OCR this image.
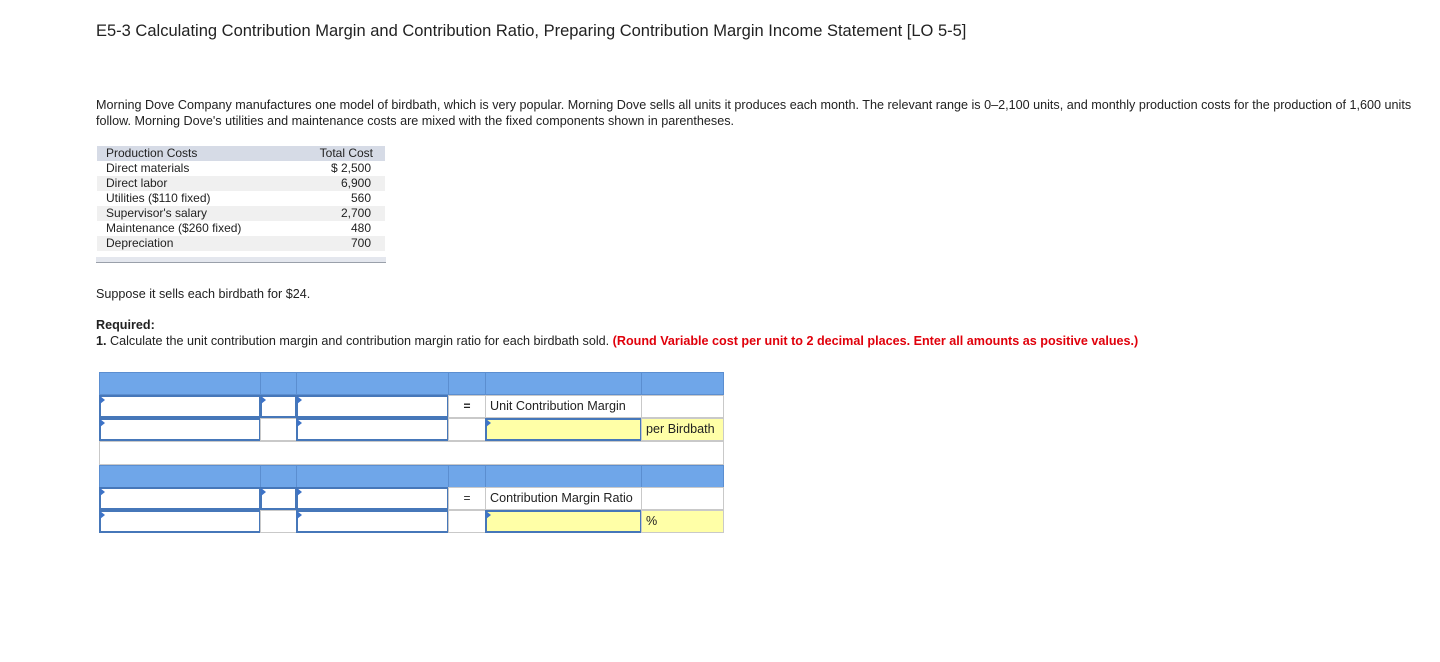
E5-3 Calculating Contribution Margin and Contribution Ratio, Preparing Contribution Margin Income Statement [LO 5-5]
Morning Dove Company manufactures one model of birdbath, which is very popular. Morning Dove sells all units it produces each month. The relevant range is 0–2,100 units, and monthly production costs for the production of 1,600 units follow. Morning Dove's utilities and maintenance costs are mixed with the fixed components shown in parentheses.
Production Costs	Total Cost
Direct materials	$ 2,500
Direct labor	6,900
Utilities ($110 fixed)	560
Supervisor's salary	2,700
Maintenance ($260 fixed)	480
Depreciation	700
Suppose it sells each birdbath for $24.
Required:
1. Calculate the unit contribution margin and contribution margin ratio for each birdbath sold. (Round Variable cost per unit to 2 decimal places. Enter all amounts as positive values.)
=	Unit Contribution Margin
per Birdbath
=	Contribution Margin Ratio
%
